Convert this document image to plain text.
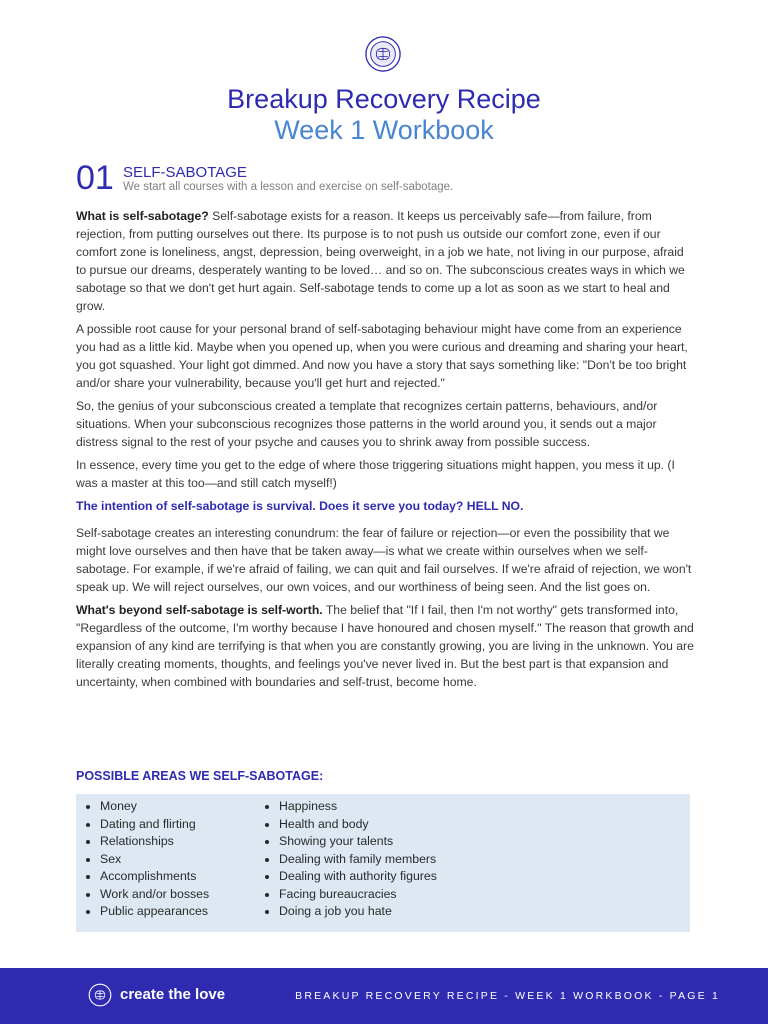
Breakup Recovery Recipe
Week 1 Workbook
01 SELF-SABOTAGE
We start all courses with a lesson and exercise on self-sabotage.

What is self-sabotage? Self-sabotage exists for a reason. It keeps us perceivably safe—from failure, from rejection, from putting ourselves out there. Its purpose is to not push us outside our comfort zone, even if our comfort zone is loneliness, angst, depression, being overweight, in a job we hate, not living in our purpose, afraid to pursue our dreams, desperately wanting to be loved… and so on. The subconscious creates ways in which we sabotage so that we don't get hurt again. Self-sabotage tends to come up a lot as soon as we start to heal and grow.

A possible root cause for your personal brand of self-sabotaging behaviour might have come from an experience you had as a little kid. Maybe when you opened up, when you were curious and dreaming and sharing your heart, you got squashed. Your light got dimmed. And now you have a story that says something like: "Don't be too bright and/or share your vulnerability, because you'll get hurt and rejected."

So, the genius of your subconscious created a template that recognizes certain patterns, behaviours, and/or situations. When your subconscious recognizes those patterns in the world around you, it sends out a major distress signal to the rest of your psyche and causes you to shrink away from possible success.

In essence, every time you get to the edge of where those triggering situations might happen, you mess it up. (I was a master at this too—and still catch myself!)

The intention of self-sabotage is survival. Does it serve you today? HELL NO.

Self-sabotage creates an interesting conundrum: the fear of failure or rejection—or even the possibility that we might love ourselves and then have that be taken away—is what we create within ourselves when we self-sabotage. For example, if we're afraid of failing, we can quit and fail ourselves. If we're afraid of rejection, we won't speak up. We will reject ourselves, our own voices, and our worthiness of being seen. And the list goes on.

What's beyond self-sabotage is self-worth. The belief that "If I fail, then I'm not worthy" gets transformed into, "Regardless of the outcome, I'm worthy because I have honoured and chosen myself." The reason that growth and expansion of any kind are terrifying is that when you are constantly growing, you are living in the unknown. You are literally creating moments, thoughts, and feelings you've never lived in. But the best part is that expansion and uncertainty, when combined with boundaries and self-trust, become home.

POSSIBLE AREAS WE SELF-SABOTAGE:
• Money
• Dating and flirting
• Relationships
• Sex
• Accomplishments
• Work and/or bosses
• Public appearances
• Happiness
• Health and body
• Showing your talents
• Dealing with family members
• Dealing with authority figures
• Facing bureaucracies
• Doing a job you hate
create the love	BREAKUP RECOVERY RECIPE - WEEK 1 WORKBOOK - PAGE 1
